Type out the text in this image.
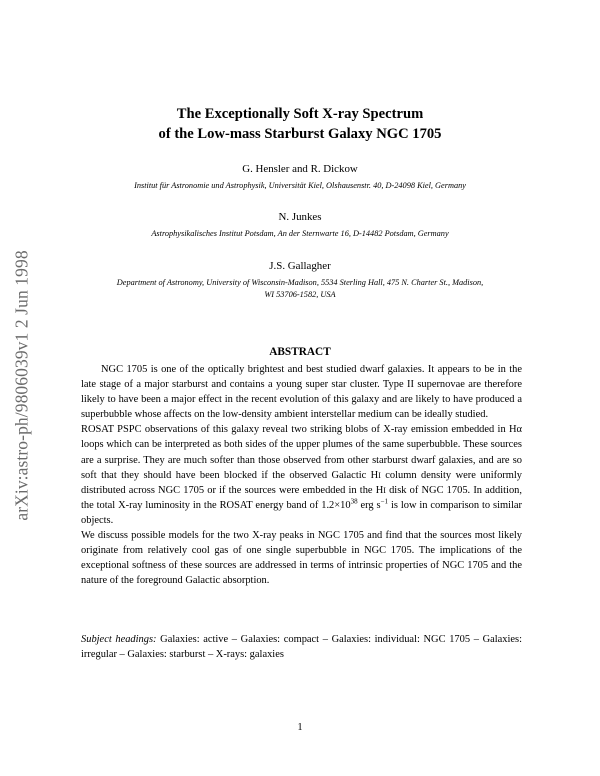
arXiv:astro-ph/9806039v1 2 Jun 1998
The Exceptionally Soft X-ray Spectrum
of the Low-mass Starburst Galaxy NGC 1705
G. Hensler and R. Dickow
Institut für Astronomie und Astrophysik, Universität Kiel, Olshausenstr. 40, D-24098 Kiel, Germany
N. Junkes
Astrophysikalisches Institut Potsdam, An der Sternwarte 16, D-14482 Potsdam, Germany
J.S. Gallagher
Department of Astronomy, University of Wisconsin-Madison, 5534 Sterling Hall, 475 N. Charter St., Madison,
WI 53706-1582, USA
ABSTRACT

NGC 1705 is one of the optically brightest and best studied dwarf galaxies. It appears to be in the late stage of a major starburst and contains a young super star cluster. Type II supernovae are therefore likely to have been a major effect in the recent evolution of this galaxy and are likely to have produced a superbubble whose affects on the low-density ambient interstellar medium can be ideally studied.

ROSAT PSPC observations of this galaxy reveal two striking blobs of X-ray emission embedded in Hα loops which can be interpreted as both sides of the upper plumes of the same superbubble. These sources are a surprise. They are much softer than those observed from other starburst dwarf galaxies, and are so soft that they should have been blocked if the observed Galactic HI column density were uniformly distributed across NGC 1705 or if the sources were embedded in the HI disk of NGC 1705. In addition, the total X-ray luminosity in the ROSAT energy band of $1.2\times 10^{38}$ erg $s^{-1}$ is low in comparison to similar objects.

We discuss possible models for the two X-ray peaks in NGC 1705 and find that the sources most likely originate from relatively cool gas of one single superbubble in NGC 1705. The implications of the exceptional softness of these sources are addressed in terms of intrinsic properties of NGC 1705 and the nature of the foreground Galactic absorption.

Subject headings: Galaxies: active – Galaxies: compact – Galaxies: individual: NGC 1705 – Galaxies: irregular – Galaxies: starburst – X-rays: galaxies

1
